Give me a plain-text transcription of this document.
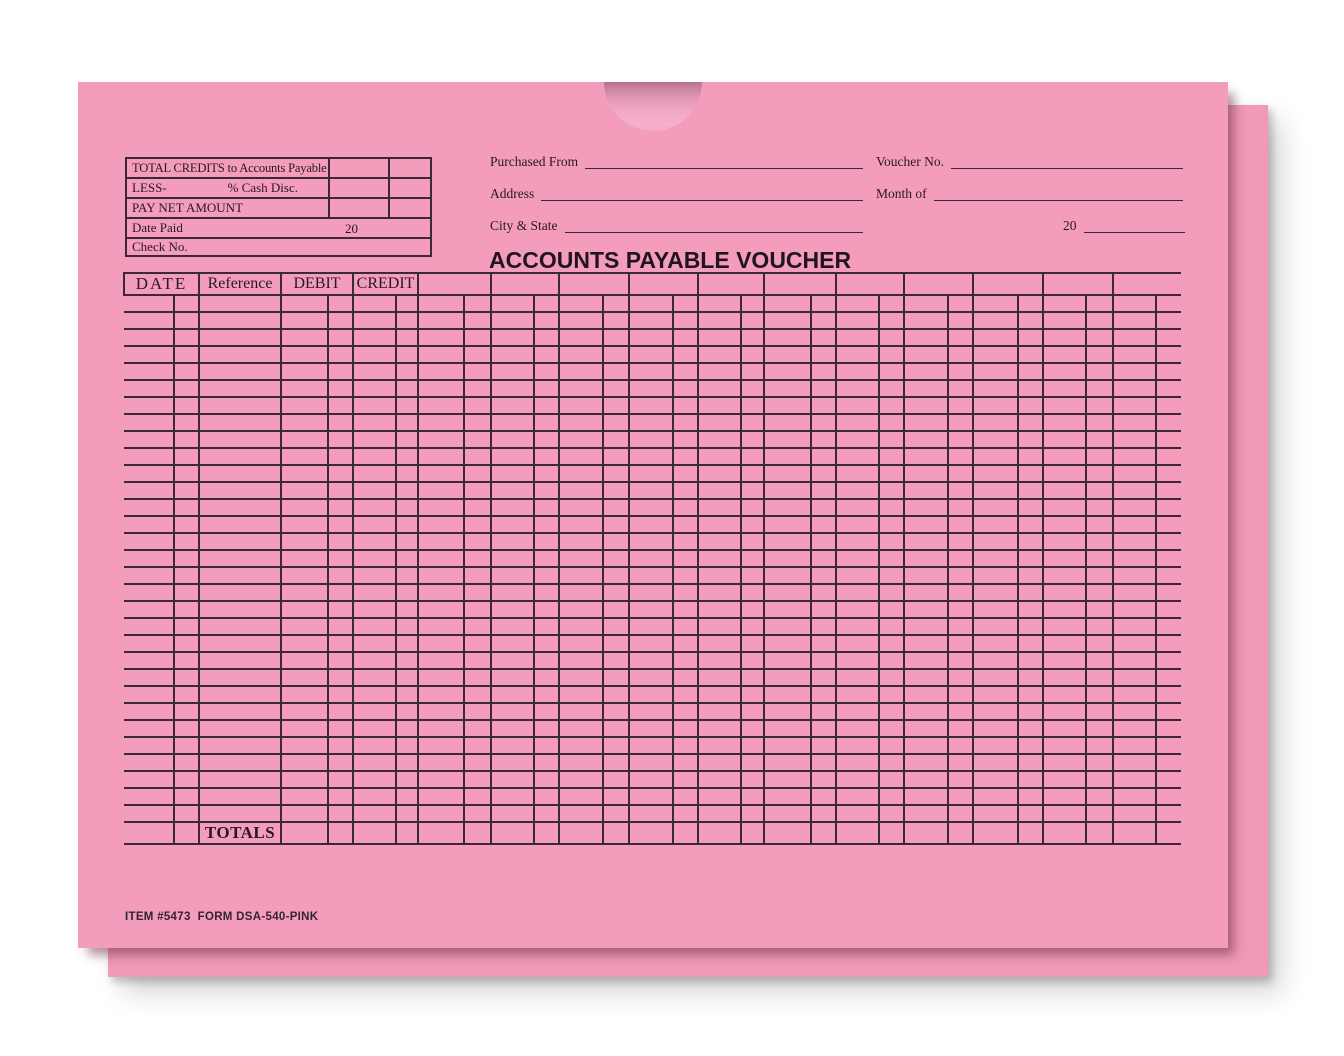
TOTAL CREDITS to Accounts Payable		

LESS- % Cash Disc.		

PAY NET AMOUNT		
Date Paid 20		

Check No.		
Purchased From	Voucher No.
Address	Month of
City & State	20
ACCOUNTS PAYABLE VOUCHER
DATE		Reference	DEBIT		CREDIT																							

		TOTALS																										
ITEM #5473  FORM DSA-540-PINK
